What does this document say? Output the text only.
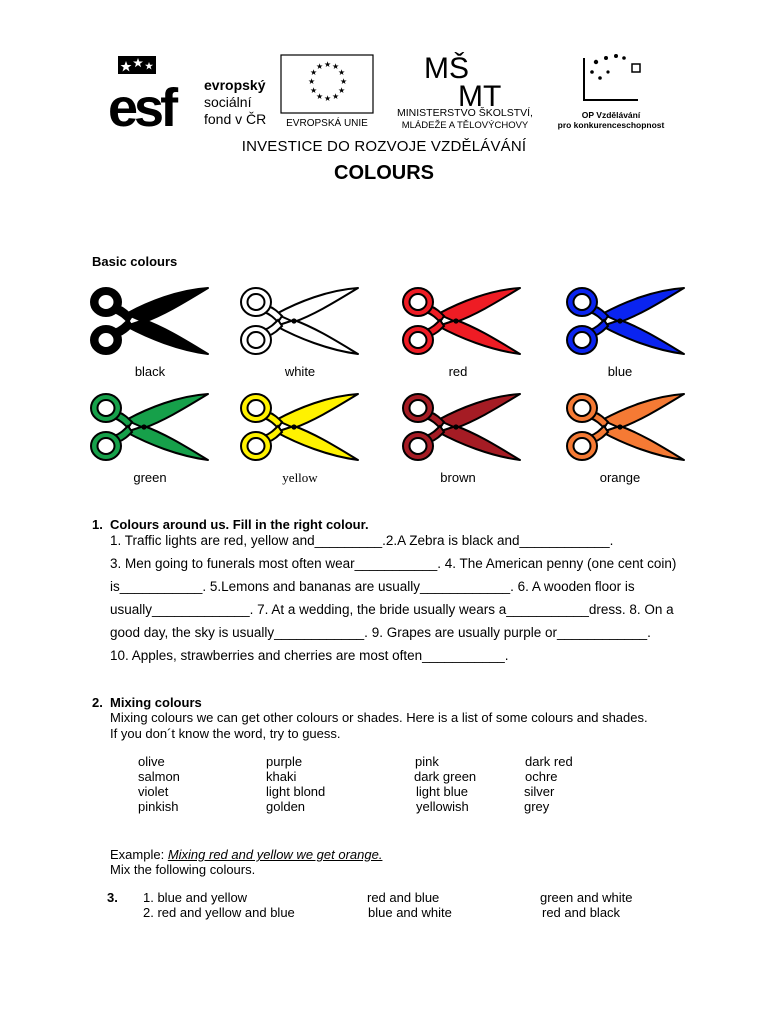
esf	evropský
sociální
fond v ČR
★ ★
★
★
★
★
★
★
★
★
★
★
EVROPSKÁ UNIE
MŠ
MT
MINISTERSTVO ŠKOLSTVÍ,
MLÁDEŽE A TĚLOVÝCHOVY
OP Vzdělávání
pro konkurenceschopnost
INVESTICE DO ROZVOJE VZDĚLÁVÁNÍ
COLOURS
Basic colours
black	white	red	blue
green	yellow	brown	orange
1. Colours around us. Fill in the right colour.
1. Traffic lights are red, yellow and_________.2.A Zebra is black and____________.
3. Men going to funerals most often wear___________. 4. The American penny (one cent coin)
is___________. 5.Lemons and bananas are usually____________. 6. A wooden floor is
usually_____________. 7. At a wedding, the bride usually wears a___________dress. 8. On a
good day, the sky is usually____________. 9. Grapes are usually purple or____________.
10. Apples, strawberries and cherries are most often___________.
2. Mixing colours
Mixing colours we can get other colours or shades. Here is a list of some colours and shades.
If you don´t know the word, try to guess.
olive	purple	pink	dark red
salmon	khaki	dark green	ochre
violet	light blond	light blue	silver
pinkish	golden	yellowish	grey
Example: Mixing red and yellow we get orange.
Mix the following colours.
3. 1. blue and yellow	red and blue	green and white
2. red and yellow and blue	blue and white	red and black
